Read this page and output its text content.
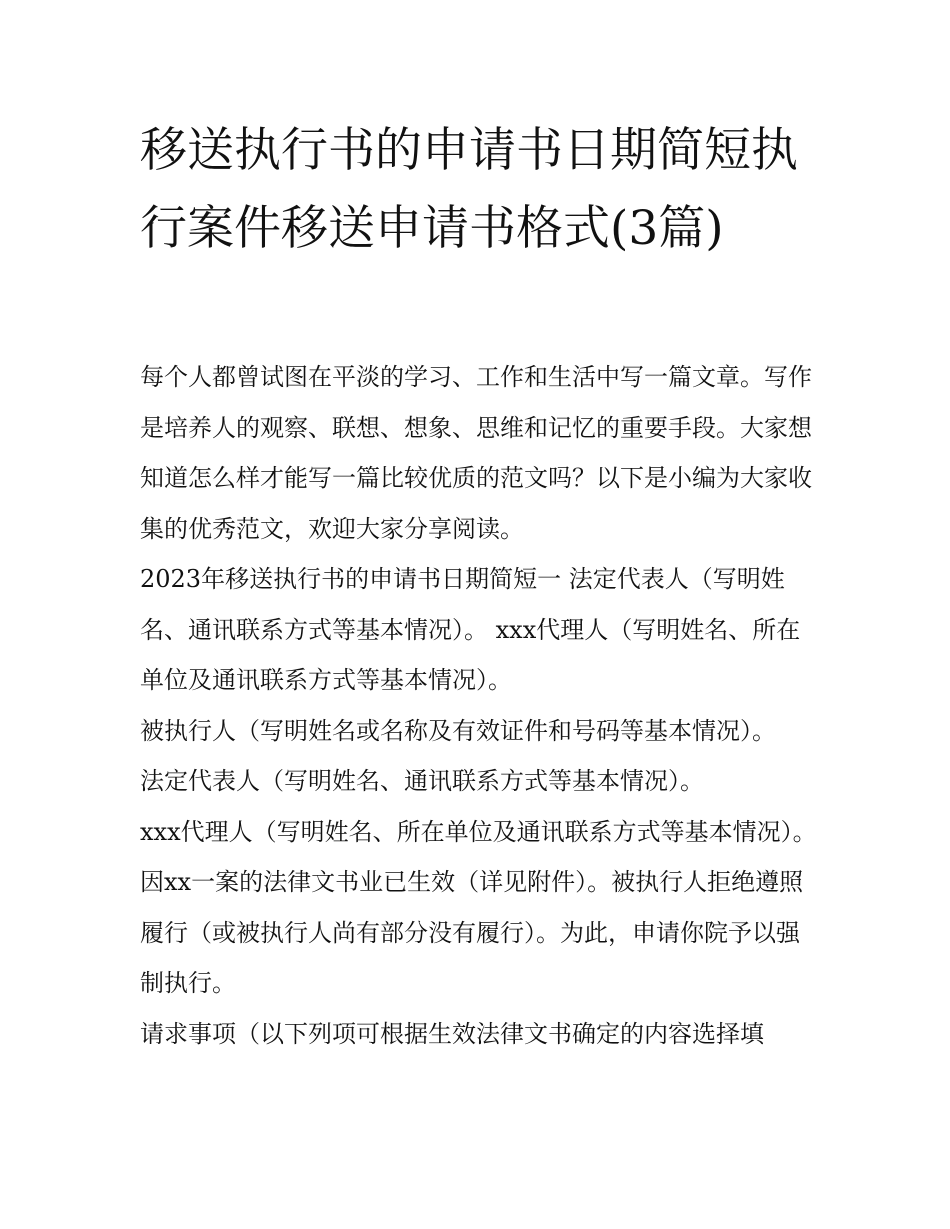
移送执行书的申请书日期简短执行案件移送申请书格式(3篇)

每个人都曾试图在平淡的学习、工作和生活中写一篇文章。写作是培养人的观察、联想、想象、思维和记忆的重要手段。大家想知道怎么样才能写一篇比较优质的范文吗？以下是小编为大家收集的优秀范文，欢迎大家分享阅读。

2023年移送执行书的申请书日期简短一 法定代表人（写明姓名、通讯联系方式等基本情况）。 xxx代理人（写明姓名、所在单位及通讯联系方式等基本情况）。

被执行人（写明姓名或名称及有效证件和号码等基本情况）。

法定代表人（写明姓名、通讯联系方式等基本情况）。

xxx代理人（写明姓名、所在单位及通讯联系方式等基本情况）。

因xx一案的法律文书业已生效（详见附件）。被执行人拒绝遵照履行（或被执行人尚有部分没有履行）。为此，申请你院予以强制执行。

请求事项（以下列项可根据生效法律文书确定的内容选择填
